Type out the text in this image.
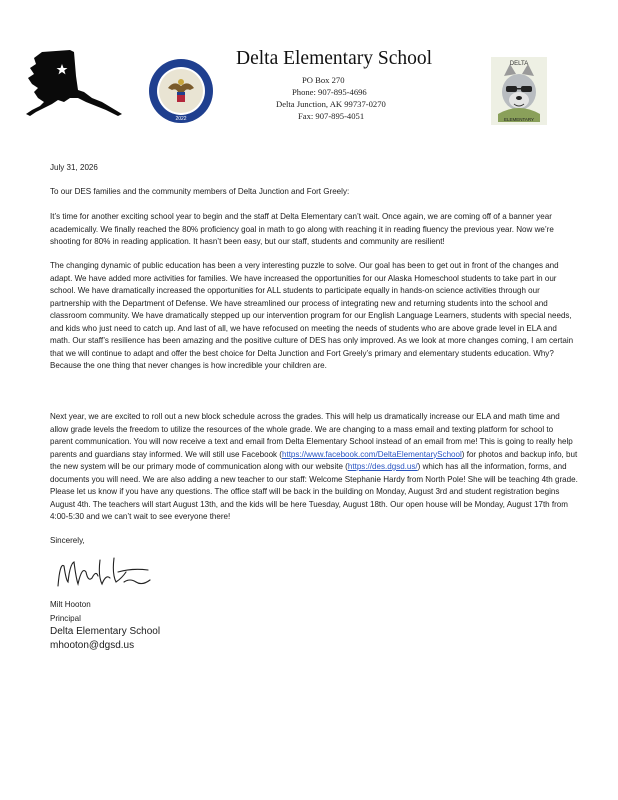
2022
Delta Elementary School
PO Box 270
Phone: 907-895-4696
Delta Junction, AK 99737-0270
Fax: 907-895-4051
DELTA
ELEMENTARY

July 31, 2026

To our DES families and the community members of Delta Junction and Fort Greely:

It’s time for another exciting school year to begin and the staff at Delta Elementary can’t wait. Once again, we are coming off of a banner year academically. We finally reached the 80% proficiency goal in math to go along with reaching it in reading fluency the previous year. Now we’re shooting for 80% in reading application. It hasn’t been easy, but our staff, students and community are resilient!

The changing dynamic of public education has been a very interesting puzzle to solve. Our goal has been to get out in front of the changes and adapt. We have added more activities for families. We have increased the opportunities for our Alaska Homeschool students to take part in our school. We have dramatically increased the opportunities for ALL students to participate equally in hands-on science activities through our partnership with the Department of Defense. We have streamlined our process of integrating new and returning students into the school and classroom community. We have dramatically stepped up our intervention program for our English Language Learners, students with special needs, and kids who just need to catch up. And last of all, we have refocused on meeting the needs of students who are above grade level in ELA and math. Our staff’s resilience has been amazing and the positive culture of DES has only improved. As we look at more changes coming, I am certain that we will continue to adapt and offer the best choice for Delta Junction and Fort Greely’s primary and elementary students education. Why? Because the one thing that never changes is how incredible your children are.

Next year, we are excited to roll out a new block schedule across the grades. This will help us dramatically increase our ELA and math time and allow grade levels the freedom to utilize the resources of the whole grade. We are changing to a mass email and texting platform for school to parent communication. You will now receive a text and email from Delta Elementary School instead of an email from me! This is going to really help parents and guardians stay informed. We will still use Facebook (https://www.facebook.com/DeltaElementarySchool) for photos and backup info, but the new system will be our primary mode of communication along with our website (https://des.dgsd.us/) which has all the information, forms, and documents you will need. We are also adding a new teacher to our staff: Welcome Stephanie Hardy from North Pole! She will be teaching 4th grade.

Please let us know if you have any questions. The office staff will be back in the building on Monday, August 3rd and student registration begins August 4th. The teachers will start August 13th, and the kids will be here Tuesday, August 18th. Our open house will be Monday, August 17th from 4:00-5:30 and we can’t wait to see everyone there!

Sincerely,

Milt Hooton
Principal
Delta Elementary School
mhooton@dgsd.us
